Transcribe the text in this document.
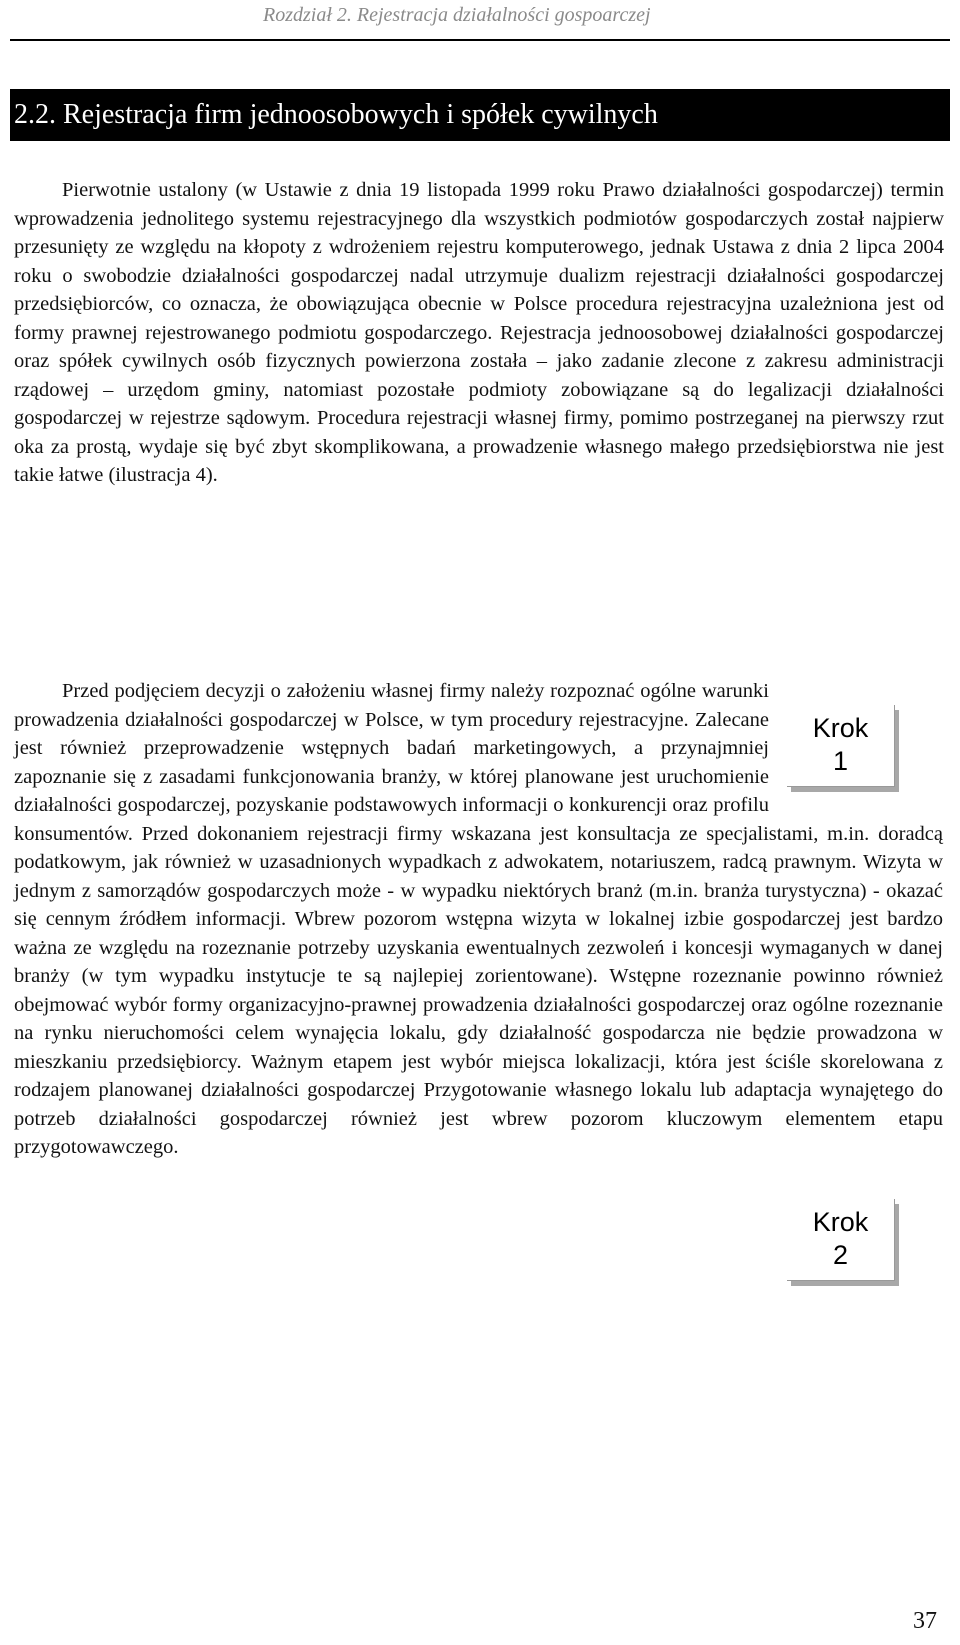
Rozdział 2. Rejestracja działalności gospoarczej
2.2. Rejestracja firm jednoosobowych i spółek cywilnych

Pierwotnie ustalony (w Ustawie z dnia 19 listopada 1999 roku Prawo działalności gospodarczej) termin wprowadzenia jednolitego systemu rejestracyjnego dla wszystkich podmiotów gospodarczych został najpierw przesunięty ze względu na kłopoty z wdrożeniem rejestru komputerowego, jednak Ustawa z dnia 2 lipca 2004 roku o swobodzie działalności gospodarczej nadal utrzymuje dualizm rejestracji działalności gospodarczej przedsiębiorców, co oznacza, że obowiązująca obecnie w Polsce procedura rejestracyjna uzależniona jest od formy prawnej rejestrowanego podmiotu gospodarczego. Rejestracja jednoosobowej działalności gospodarczej oraz spółek cywilnych osób fizycznych powierzona została – jako zadanie zlecone z zakresu administracji rządowej – urzędom gminy, natomiast pozostałe podmioty zobowiązane są do legalizacji działalności gospodarczej w rejestrze sądowym. Procedura rejestracji własnej firmy, pomimo postrzeganej na pierwszy rzut oka za prostą, wydaje się być zbyt skomplikowana, a prowadzenie własnego małego przedsiębiorstwa nie jest takie łatwe (ilustracja 4).

Krok
1
Krok
2

Przed podjęciem decyzji o założeniu własnej firmy należy rozpoznać ogólne warunki prowadzenia działalności gospodarczej w Polsce, w tym procedury rejestracyjne. Zalecane jest również przeprowadzenie wstępnych badań marketingowych, a przynajmniej zapoznanie się z zasadami funkcjonowania branży, w której planowane jest uruchomienie działalności gospodarczej, pozyskanie podstawowych informacji o konkurencji oraz profilu konsumentów. Przed dokonaniem rejestracji firmy wskazana jest konsultacja ze specjalistami, m.in. doradcą podatkowym, jak również w uzasadnionych wypadkach z adwokatem, notariuszem, radcą prawnym. Wizyta w jednym z samorządów gospodarczych może - w wypadku niektórych branż (m.in. branża turystyczna) - okazać się cennym źródłem informacji. Wbrew pozorom wstępna wizyta w lokalnej izbie gospodarczej jest bardzo ważna ze względu na rozeznanie potrzeby uzyskania ewentualnych zezwoleń i koncesji wymaganych w danej branży (w tym wypadku instytucje te są najlepiej zorientowane). Wstępne rozeznanie powinno również obejmować wybór formy organizacyjno-prawnej prowadzenia działalności gospodarczej oraz ogólne rozeznanie na rynku nieruchomości celem wynajęcia lokalu, gdy działalność gospodarcza nie będzie prowadzona w mieszkaniu przedsiębiorcy. Ważnym etapem jest wybór miejsca lokalizacji, która jest ściśle skorelowana z rodzajem planowanej działalności gospodarczej Przygotowanie własnego lokalu lub adaptacja wynajętego do potrzeb działalności gospodarczej również jest wbrew pozorom kluczowym elementem etapu przygotowawczego.

37
